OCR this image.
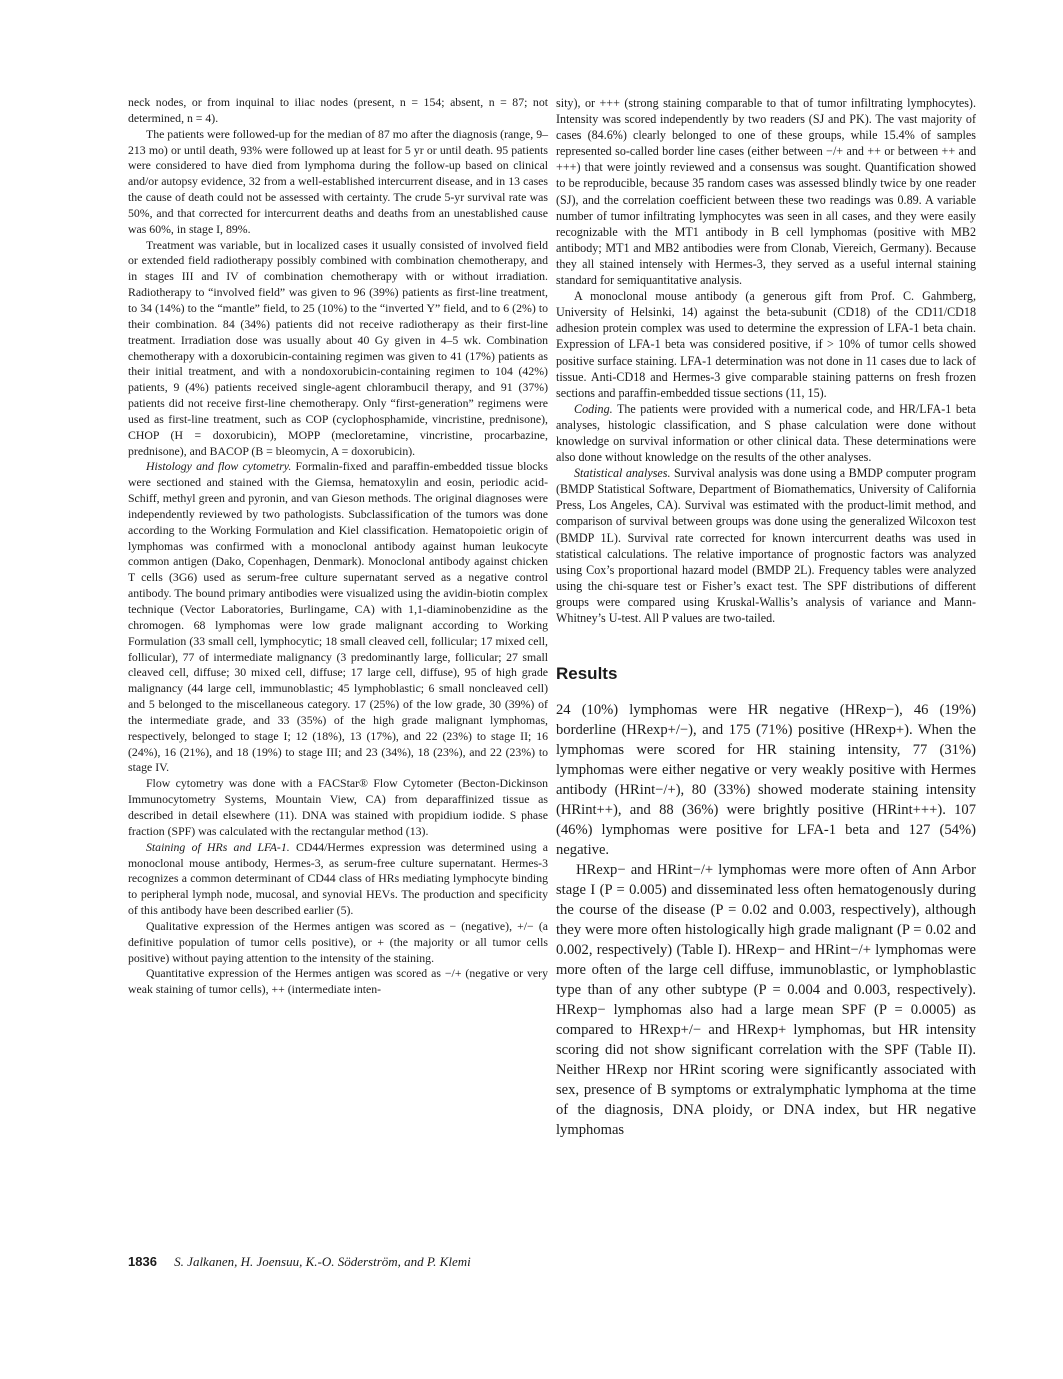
neck nodes, or from inquinal to iliac nodes (present, n = 154; absent, n = 87; not determined, n = 4).

The patients were followed-up for the median of 87 mo after the diagnosis (range, 9–213 mo) or until death, 93% were followed up at least for 5 yr or until death. 95 patients were considered to have died from lymphoma during the follow-up based on clinical and/or autopsy evidence, 32 from a well-established intercurrent disease, and in 13 cases the cause of death could not be assessed with certainty. The crude 5-yr survival rate was 50%, and that corrected for intercurrent deaths and deaths from an unestablished cause was 60%, in stage I, 89%.

Treatment was variable, but in localized cases it usually consisted of involved field or extended field radiotherapy possibly combined with combination chemotherapy, and in stages III and IV of combination chemotherapy with or without irradiation. Radiotherapy to “involved field” was given to 96 (39%) patients as first-line treatment, to 34 (14%) to the “mantle” field, to 25 (10%) to the “inverted Y” field, and to 6 (2%) to their combination. 84 (34%) patients did not receive radiotherapy as their first-line treatment. Irradiation dose was usually about 40 Gy given in 4–5 wk. Combination chemotherapy with a doxorubicin-containing regimen was given to 41 (17%) patients as their initial treatment, and with a nondoxorubicin-containing regimen to 104 (42%) patients, 9 (4%) patients received single-agent chlorambucil therapy, and 91 (37%) patients did not receive first-line chemotherapy. Only “first-generation” regimens were used as first-line treatment, such as COP (cyclophosphamide, vincristine, prednisone), CHOP (H = doxorubicin), MOPP (mecloretamine, vincristine, procarbazine, prednisone), and BACOP (B = bleomycin, A = doxorubicin).

Histology and flow cytometry. Formalin-fixed and paraffin-embedded tissue blocks were sectioned and stained with the Giemsa, hematoxylin and eosin, periodic acid-Schiff, methyl green and pyronin, and van Gieson methods. The original diagnoses were independently reviewed by two pathologists. Subclassification of the tumors was done according to the Working Formulation and Kiel classification. Hematopoietic origin of lymphomas was confirmed with a monoclonal antibody against human leukocyte common antigen (Dako, Copenhagen, Denmark). Monoclonal antibody against chicken T cells (3G6) used as serum-free culture supernatant served as a negative control antibody. The bound primary antibodies were visualized using the avidin-biotin complex technique (Vector Laboratories, Burlingame, CA) with 1,1-diaminobenzidine as the chromogen. 68 lymphomas were low grade malignant according to Working Formulation (33 small cell, lymphocytic; 18 small cleaved cell, follicular; 17 mixed cell, follicular), 77 of intermediate malignancy (3 predominantly large, follicular; 27 small cleaved cell, diffuse; 30 mixed cell, diffuse; 17 large cell, diffuse), 95 of high grade malignancy (44 large cell, immunoblastic; 45 lymphoblastic; 6 small noncleaved cell) and 5 belonged to the miscellaneous category. 17 (25%) of the low grade, 30 (39%) of the intermediate grade, and 33 (35%) of the high grade malignant lymphomas, respectively, belonged to stage I; 12 (18%), 13 (17%), and 22 (23%) to stage II; 16 (24%), 16 (21%), and 18 (19%) to stage III; and 23 (34%), 18 (23%), and 22 (23%) to stage IV.

Flow cytometry was done with a FACStar® Flow Cytometer (Becton-Dickinson Immunocytometry Systems, Mountain View, CA) from deparaffinized tissue as described in detail elsewhere (11). DNA was stained with propidium iodide. S phase fraction (SPF) was calculated with the rectangular method (13).

Staining of HRs and LFA-1. CD44/Hermes expression was determined using a monoclonal mouse antibody, Hermes-3, as serum-free culture supernatant. Hermes-3 recognizes a common determinant of CD44 class of HRs mediating lymphocyte binding to peripheral lymph node, mucosal, and synovial HEVs. The production and specificity of this antibody have been described earlier (5).

Qualitative expression of the Hermes antigen was scored as − (negative), +/− (a definitive population of tumor cells positive), or + (the majority or all tumor cells positive) without paying attention to the intensity of the staining.

Quantitative expression of the Hermes antigen was scored as −/+ (negative or very weak staining of tumor cells), ++ (intermediate inten-

sity), or +++ (strong staining comparable to that of tumor infiltrating lymphocytes). Intensity was scored independently by two readers (SJ and PK). The vast majority of cases (84.6%) clearly belonged to one of these groups, while 15.4% of samples represented so-called border line cases (either between −/+ and ++ or between ++ and +++) that were jointly reviewed and a consensus was sought. Quantification showed to be reproducible, because 35 random cases was assessed blindly twice by one reader (SJ), and the correlation coefficient between these two readings was 0.89. A variable number of tumor infiltrating lymphocytes was seen in all cases, and they were easily recognizable with the MT1 antibody in B cell lymphomas (positive with MB2 antibody; MT1 and MB2 antibodies were from Clonab, Viereich, Germany). Because they all stained intensely with Hermes-3, they served as a useful internal staining standard for semiquantitative analysis.

A monoclonal mouse antibody (a generous gift from Prof. C. Gahmberg, University of Helsinki, 14) against the beta-subunit (CD18) of the CD11/CD18 adhesion protein complex was used to determine the expression of LFA-1 beta chain. Expression of LFA-1 beta was considered positive, if > 10% of tumor cells showed positive surface staining. LFA-1 determination was not done in 11 cases due to lack of tissue. Anti-CD18 and Hermes-3 give comparable staining patterns on fresh frozen sections and paraffin-embedded tissue sections (11, 15).

Coding. The patients were provided with a numerical code, and HR/LFA-1 beta analyses, histologic classification, and S phase calculation were done without knowledge on survival information or other clinical data. These determinations were also done without knowledge on the results of the other analyses.

Statistical analyses. Survival analysis was done using a BMDP computer program (BMDP Statistical Software, Department of Biomathematics, University of California Press, Los Angeles, CA). Survival was estimated with the product-limit method, and comparison of survival between groups was done using the generalized Wilcoxon test (BMDP 1L). Survival rate corrected for known intercurrent deaths was used in statistical calculations. The relative importance of prognostic factors was analyzed using Cox’s proportional hazard model (BMDP 2L). Frequency tables were analyzed using the chi-square test or Fisher’s exact test. The SPF distributions of different groups were compared using Kruskal-Wallis’s analysis of variance and Mann-Whitney’s U-test. All P values are two-tailed.

Results

24 (10%) lymphomas were HR negative (HRexp−), 46 (19%) borderline (HRexp+/−), and 175 (71%) positive (HRexp+). When the lymphomas were scored for HR staining intensity, 77 (31%) lymphomas were either negative or very weakly positive with Hermes antibody (HRint−/+), 80 (33%) showed moderate staining intensity (HRint++), and 88 (36%) were brightly positive (HRint+++). 107 (46%) lymphomas were positive for LFA-1 beta and 127 (54%) negative.

HRexp− and HRint−/+ lymphomas were more often of Ann Arbor stage I (P = 0.005) and disseminated less often hematogenously during the course of the disease (P = 0.02 and 0.003, respectively), although they were more often histologically high grade malignant (P = 0.02 and 0.002, respectively) (Table I). HRexp− and HRint−/+ lymphomas were more often of the large cell diffuse, immunoblastic, or lymphoblastic type than of any other subtype (P = 0.004 and 0.003, respectively). HRexp− lymphomas also had a large mean SPF (P = 0.0005) as compared to HRexp+/− and HRexp+ lymphomas, but HR intensity scoring did not show significant correlation with the SPF (Table II). Neither HRexp nor HRint scoring were significantly associated with sex, presence of B symptoms or extralymphatic lymphoma at the time of the diagnosis, DNA ploidy, or DNA index, but HR negative lymphomas

1836 S. Jalkanen, H. Joensuu, K.-O. Söderström, and P. Klemi
